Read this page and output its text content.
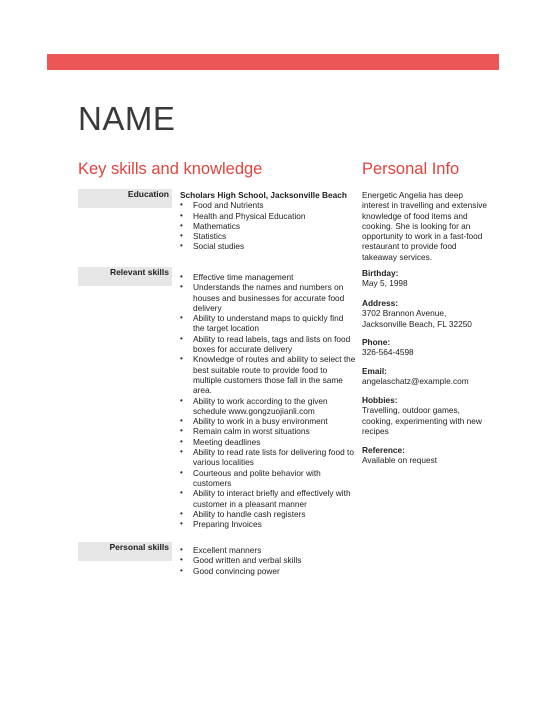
NAME
Key skills and knowledge	Personal Info
Education Scholars High School, Jacksonville Beach
• Food and Nutrients
• Health and Physical Education
• Mathematics
• Statistics
• Social studies
Relevant skills	• Effective time management
• Understands the names and numbers on houses and businesses for accurate food delivery
• Ability to understand maps to quickly find the target location
• Ability to read labels, tags and lists on food boxes for accurate delivery
• Knowledge of routes and ability to select the best suitable route to provide food to multiple customers those fall in the same area.
• Ability to work according to the given schedule www.gongzuojianli.com
• Ability to work in a busy environment
• Remain calm in worst situations
• Meeting deadlines
• Ability to read rate lists for delivering food to various localities
• Courteous and polite behavior with customers
• Ability to interact briefly and effectively with customer in a pleasant manner
• Ability to handle cash registers
• Preparing Invoices
Personal skills	• Excellent manners
• Good written and verbal skills
• Good convincing power

Energetic Angelia has deep interest in travelling and extensive knowledge of food items and cooking. She is looking for an opportunity to work in a fast-food restaurant to provide food takeaway services.

Birthday:

May 5, 1998

Address:

3702 Brannon Avenue,

Jacksonville Beach, FL 32250

Phone:

326-564-4598

Email:

angelaschatz@example.com

Hobbies:

Travelling, outdoor games, cooking, experimenting with new recipes

Reference:

Available on request
